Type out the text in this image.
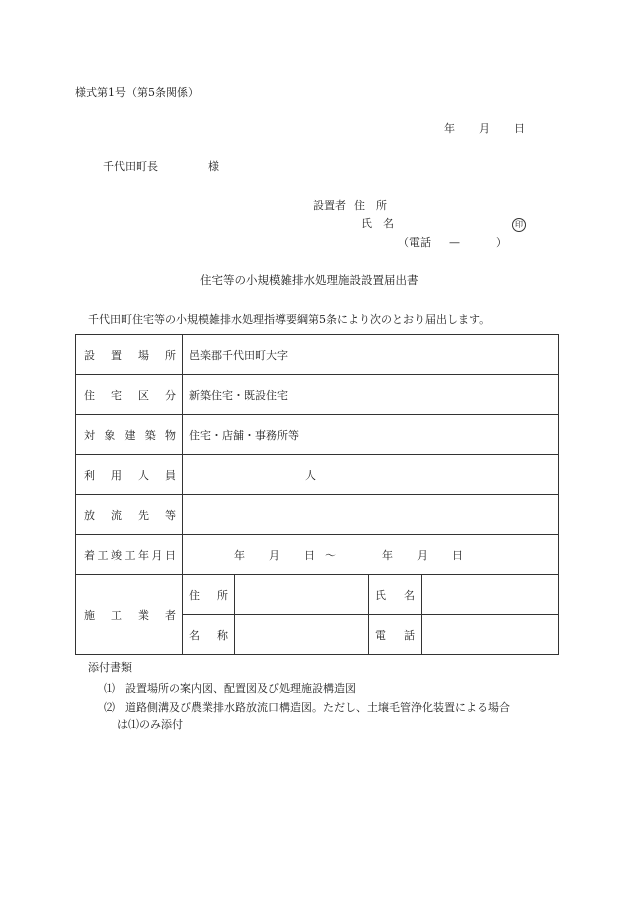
様式第1号（第5条関係）
年 月 日
千代田町長	様
設置者 住　所
氏　名	印
（電話 —	）
住宅等の小規模雑排水処理施設設置届出書
千代田町住宅等の小規模雑排水処理指導要綱第5条により次のとおり届出します。
設置場所	邑楽郡千代田町大字			
住宅区分	新築住宅・既設住宅			
対象建築物	住宅・店舗・事務所等			
利用人員	人			
放流先等				
着工竣工年月日	年 月 日 ～ 年 月 日			
施工業者	住所		氏名	
	名称		電話	
添付書類
⑴ 設置場所の案内図、配置図及び処理施設構造図
⑵ 道路側溝及び農業排水路放流口構造図。ただし、土壌毛管浄化装置による場合
は⑴のみ添付
